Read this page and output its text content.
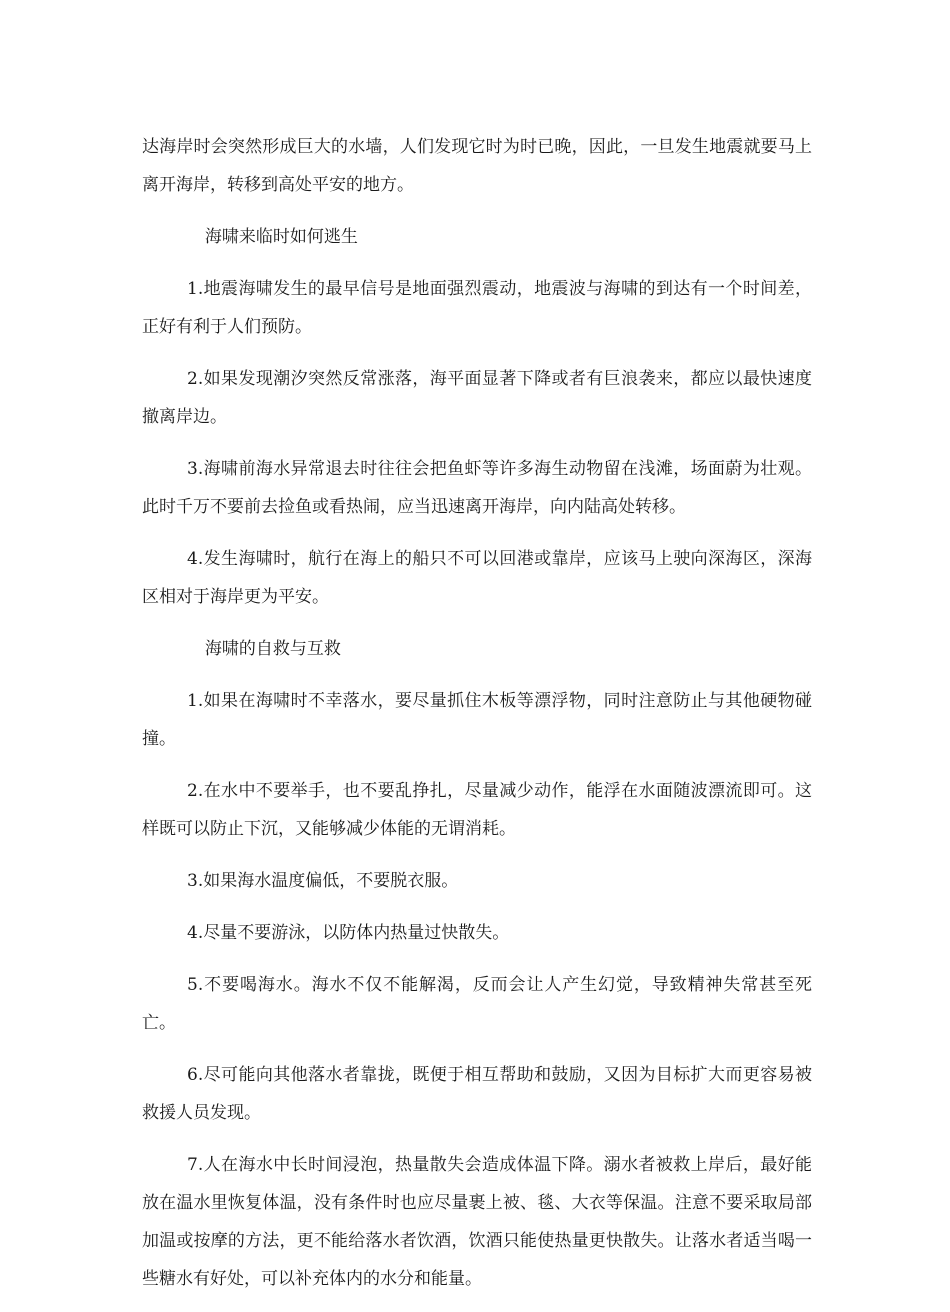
达海岸时会突然形成巨大的水墙，人们发现它时为时已晚，因此，一旦发生地震就要马上离开海岸，转移到高处平安的地方。

海啸来临时如何逃生

1.地震海啸发生的最早信号是地面强烈震动，地震波与海啸的到达有一个时间差，正好有利于人们预防。

2.如果发现潮汐突然反常涨落，海平面显著下降或者有巨浪袭来，都应以最快速度撤离岸边。

3.海啸前海水异常退去时往往会把鱼虾等许多海生动物留在浅滩，场面蔚为壮观。此时千万不要前去捡鱼或看热闹，应当迅速离开海岸，向内陆高处转移。

4.发生海啸时，航行在海上的船只不可以回港或靠岸，应该马上驶向深海区，深海区相对于海岸更为平安。

海啸的自救与互救

1.如果在海啸时不幸落水，要尽量抓住木板等漂浮物，同时注意防止与其他硬物碰撞。

2.在水中不要举手，也不要乱挣扎，尽量减少动作，能浮在水面随波漂流即可。这样既可以防止下沉，又能够减少体能的无谓消耗。

3.如果海水温度偏低，不要脱衣服。

4.尽量不要游泳，以防体内热量过快散失。

5.不要喝海水。海水不仅不能解渴，反而会让人产生幻觉，导致精神失常甚至死亡。

6.尽可能向其他落水者靠拢，既便于相互帮助和鼓励，又因为目标扩大而更容易被救援人员发现。

7.人在海水中长时间浸泡，热量散失会造成体温下降。溺水者被救上岸后，最好能放在温水里恢复体温，没有条件时也应尽量裹上被、毯、大衣等保温。注意不要采取局部加温或按摩的方法，更不能给落水者饮酒，饮酒只能使热量更快散失。让落水者适当喝一些糖水有好处，可以补充体内的水分和能量。
